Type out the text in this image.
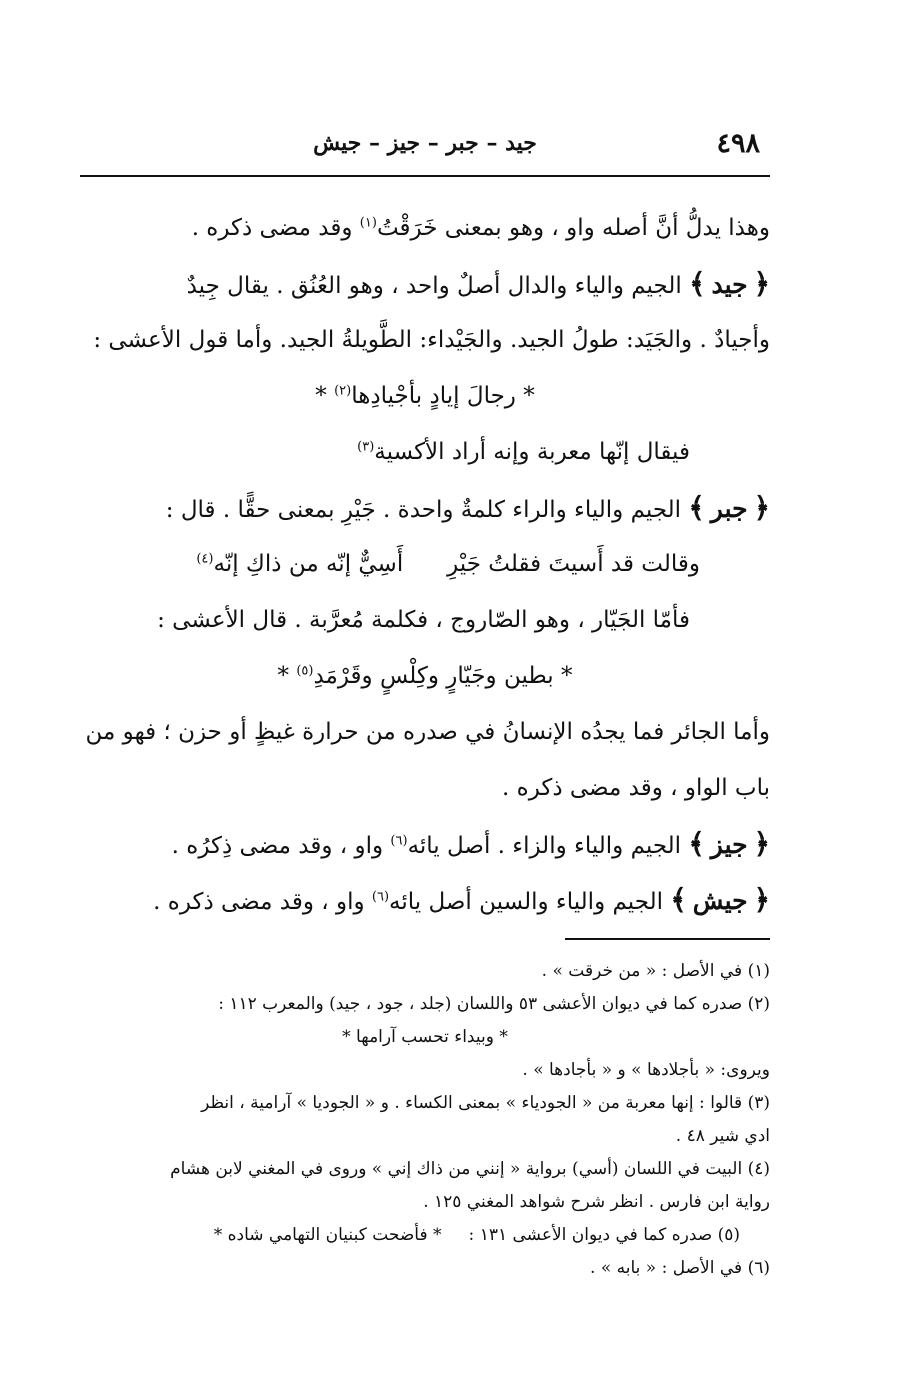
٤٩٨
جيد – جبر – جيز – جيش
وهذا يدلُّ أنَّ أصله واو ، وهو بمعنى خَرَقْتُ$^{(١)}$ وقد مضى ذكره .
﴿جيد﴾ الجيم والياء والدال أصلٌ واحد ، وهو العُنُق . يقال جِيدٌ
وأجيادٌ . والجَيَد: طولُ الجيد. والجَيْداء: الطَّويلةُ الجيد. وأما قول الأعشى :
* رجالَ إيادٍ بأجْيادِها$^{(٢)}$ *
فيقال إنّها معربة وإنه أراد الأكسية$^{(٣)}$
﴿جبر﴾ الجيم والياء والراء كلمةٌ واحدة . جَيْرِ بمعنى حقًّا . قال :
وقالت قد أَسيتَ فقلتُ جَيْرِ      أَسِيٌّ إنّه من ذاكِ إنّه$^{(٤)}$
فأمّا الجَيّار ، وهو الصّاروج ، فكلمة مُعرَّبة . قال الأعشى :
* بطين وجَيّارٍ وكِلْسٍ وقَرْمَدِ$^{(٥)}$ *
وأما الجائر فما يجدُه الإنسانُ في صدره من حرارة غيظٍ أو حزن ؛ فهو من
باب الواو ، وقد مضى ذكره .
﴿جيز﴾ الجيم والياء والزاء . أصل يائه$^{(٦)}$ واو ، وقد مضى ذِكرُه .
﴿جيش﴾ الجيم والياء والسين أصل يائه$^{(٦)}$ واو ، وقد مضى ذكره .
(١) في الأصل : « من خرقت » .
(٢) صدره كما في ديوان الأعشى ٥٣ واللسان (جلد ، جود ، جيد) والمعرب ١١٢ :
* وبيداء تحسب آرامها *
ويروى: « بأجلادها » و « بأجادها » .
(٣) قالوا : إنها معربة من « الجودياء » بمعنى الكساء . و « الجوديا » آرامية ، انظر
ادي شير ٤٨ .
(٤) البيت في اللسان (أسي) برواية « إنني من ذاك إني » وروى في المغني لابن هشام
رواية ابن فارس . انظر شرح شواهد المغني ١٢٥ .
(٥) صدره كما في ديوان الأعشى ١٣١ :     * فأضحت كبنيان التهامي شاده *
(٦) في الأصل : « بابه » .
